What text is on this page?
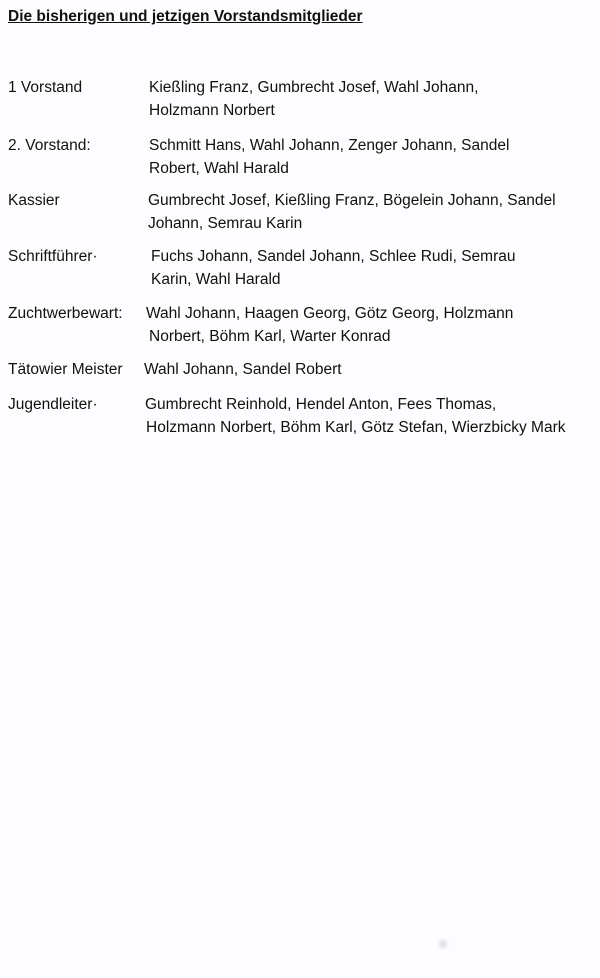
Die bisherigen und jetzigen Vorstandsmitglieder
1 Vorstand	Kießling Franz, Gumbrecht Josef, Wahl Johann,
Holzmann Norbert
2. Vorstand:	Schmitt Hans, Wahl Johann, Zenger Johann, Sandel
Robert, Wahl Harald
Kassier	Gumbrecht Josef, Kießling Franz, Bögelein Johann, Sandel
Johann, Semrau Karin
Schriftführer·	Fuchs Johann, Sandel Johann, Schlee Rudi, Semrau
Karin, Wahl Harald
Zuchtwerbewart: Wahl Johann, Haagen Georg, Götz Georg, Holzmann
Norbert, Böhm Karl, Warter Konrad
Tätowier Meister Wahl Johann, Sandel Robert
Jugendleiter·	Gumbrecht Reinhold, Hendel Anton, Fees Thomas,
Holzmann Norbert, Böhm Karl, Götz Stefan, Wierzbicky Mark
